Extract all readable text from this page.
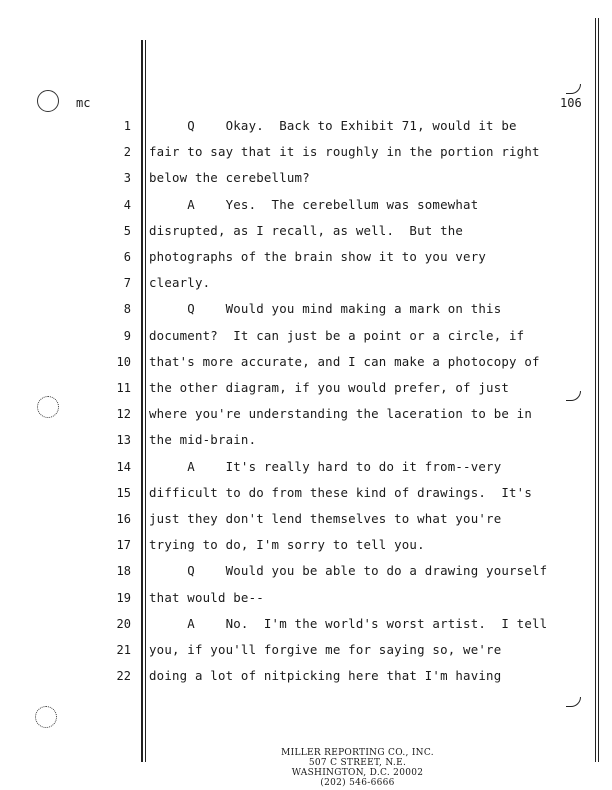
mc	106
1 Q    Okay.  Back to Exhibit 71, would it be
2 fair to say that it is roughly in the portion right
3 below the cerebellum?
4 A    Yes.  The cerebellum was somewhat
5 disrupted, as I recall, as well.  But the
6 photographs of the brain show it to you very
7 clearly.
8 Q    Would you mind making a mark on this
9 document?  It can just be a point or a circle, if
10 that's more accurate, and I can make a photocopy of
11 the other diagram, if you would prefer, of just
12 where you're understanding the laceration to be in
13 the mid-brain.
14 A    It's really hard to do it from--very
15 difficult to do from these kind of drawings.  It's
16 just they don't lend themselves to what you're
17 trying to do, I'm sorry to tell you.
18 Q    Would you be able to do a drawing yourself
19 that would be--
20 A    No.  I'm the world's worst artist.  I tell
21 you, if you'll forgive me for saying so, we're
22 doing a lot of nitpicking here that I'm having
MILLER REPORTING CO., INC.
507 C STREET, N.E.
WASHINGTON, D.C. 20002
(202) 546-6666
